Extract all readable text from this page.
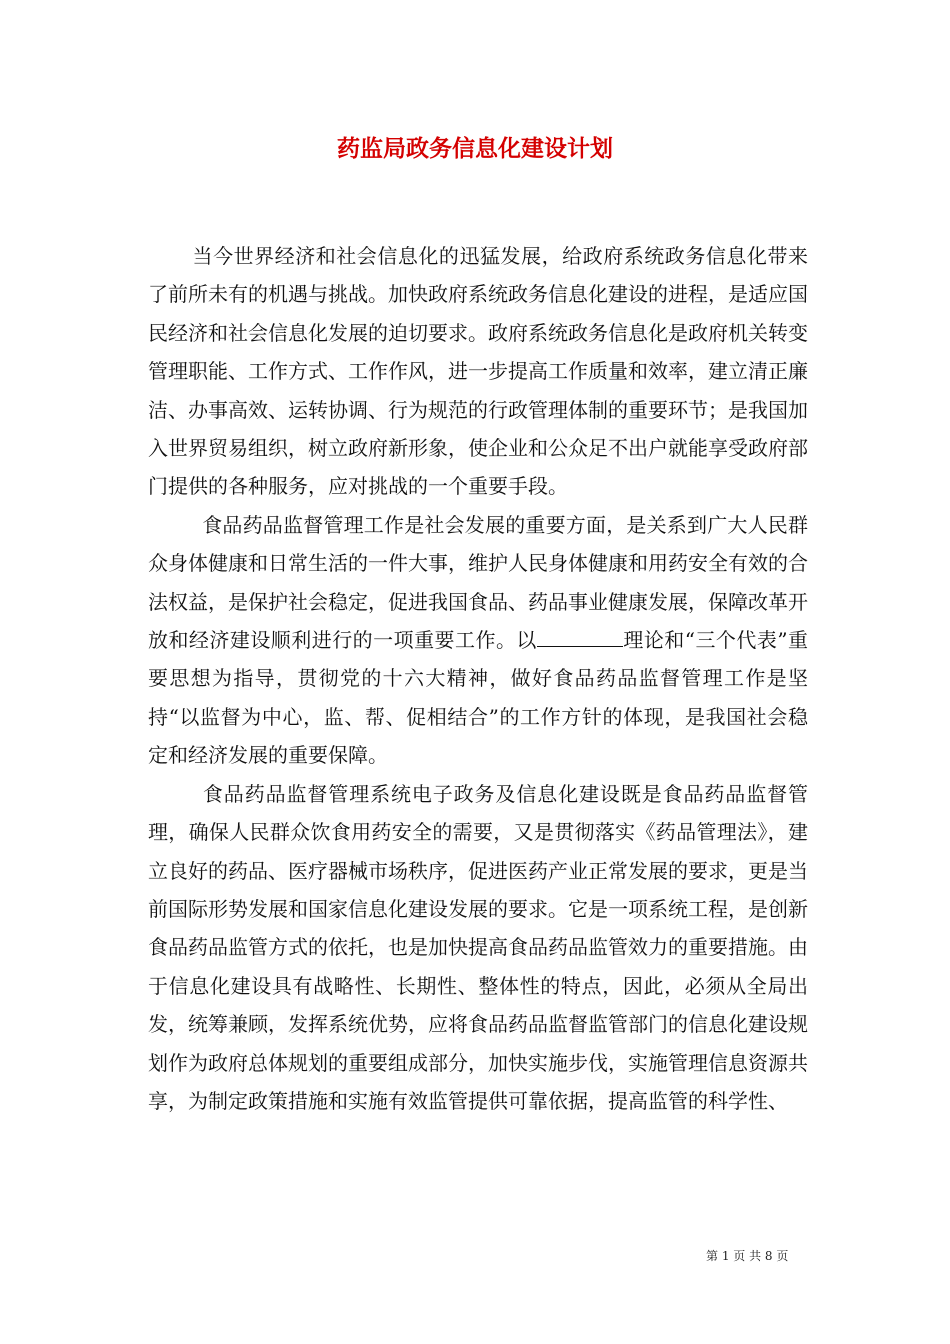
药监局政务信息化建设计划

当今世界经济和社会信息化的迅猛发展，给政府系统政务信息化带来了前所未有的机遇与挑战。加快政府系统政务信息化建设的进程，是适应国民经济和社会信息化发展的迫切要求。政府系统政务信息化是政府机关转变管理职能、工作方式、工作作风，进一步提高工作质量和效率，建立清正廉洁、办事高效、运转协调、行为规范的行政管理体制的重要环节；是我国加入世界贸易组织，树立政府新形象，使企业和公众足不出户就能享受政府部门提供的各种服务，应对挑战的一个重要手段。

食品药品监督管理工作是社会发展的重要方面，是关系到广大人民群众身体健康和日常生活的一件大事，维护人民身体健康和用药安全有效的合法权益，是保护社会稳定，促进我国食品、药品事业健康发展，保障改革开放和经济建设顺利进行的一项重要工作。以	理论和“三个代表”重要思想为指导，贯彻党的十六大精神，做好食品药品监督管理工作是坚持“以监督为中心，监、帮、促相结合”的工作方针的体现，是我国社会稳定和经济发展的重要保障。

食品药品监督管理系统电子政务及信息化建设既是食品药品监督管理，确保人民群众饮食用药安全的需要，又是贯彻落实《药品管理法》，建立良好的药品、医疗器械市场秩序，促进医药产业正常发展的要求，更是当前国际形势发展和国家信息化建设发展的要求。它是一项系统工程，是创新食品药品监管方式的依托，也是加快提高食品药品监管效力的重要措施。由于信息化建设具有战略性、长期性、整体性的特点，因此，必须从全局出发，统筹兼顾，发挥系统优势，应将食品药品监督监管部门的信息化建设规划作为政府总体规划的重要组成部分，加快实施步伐，实施管理信息资源共享，为制定政策措施和实施有效监管提供可靠依据，提高监管的科学性、

第 1 页 共 8 页
